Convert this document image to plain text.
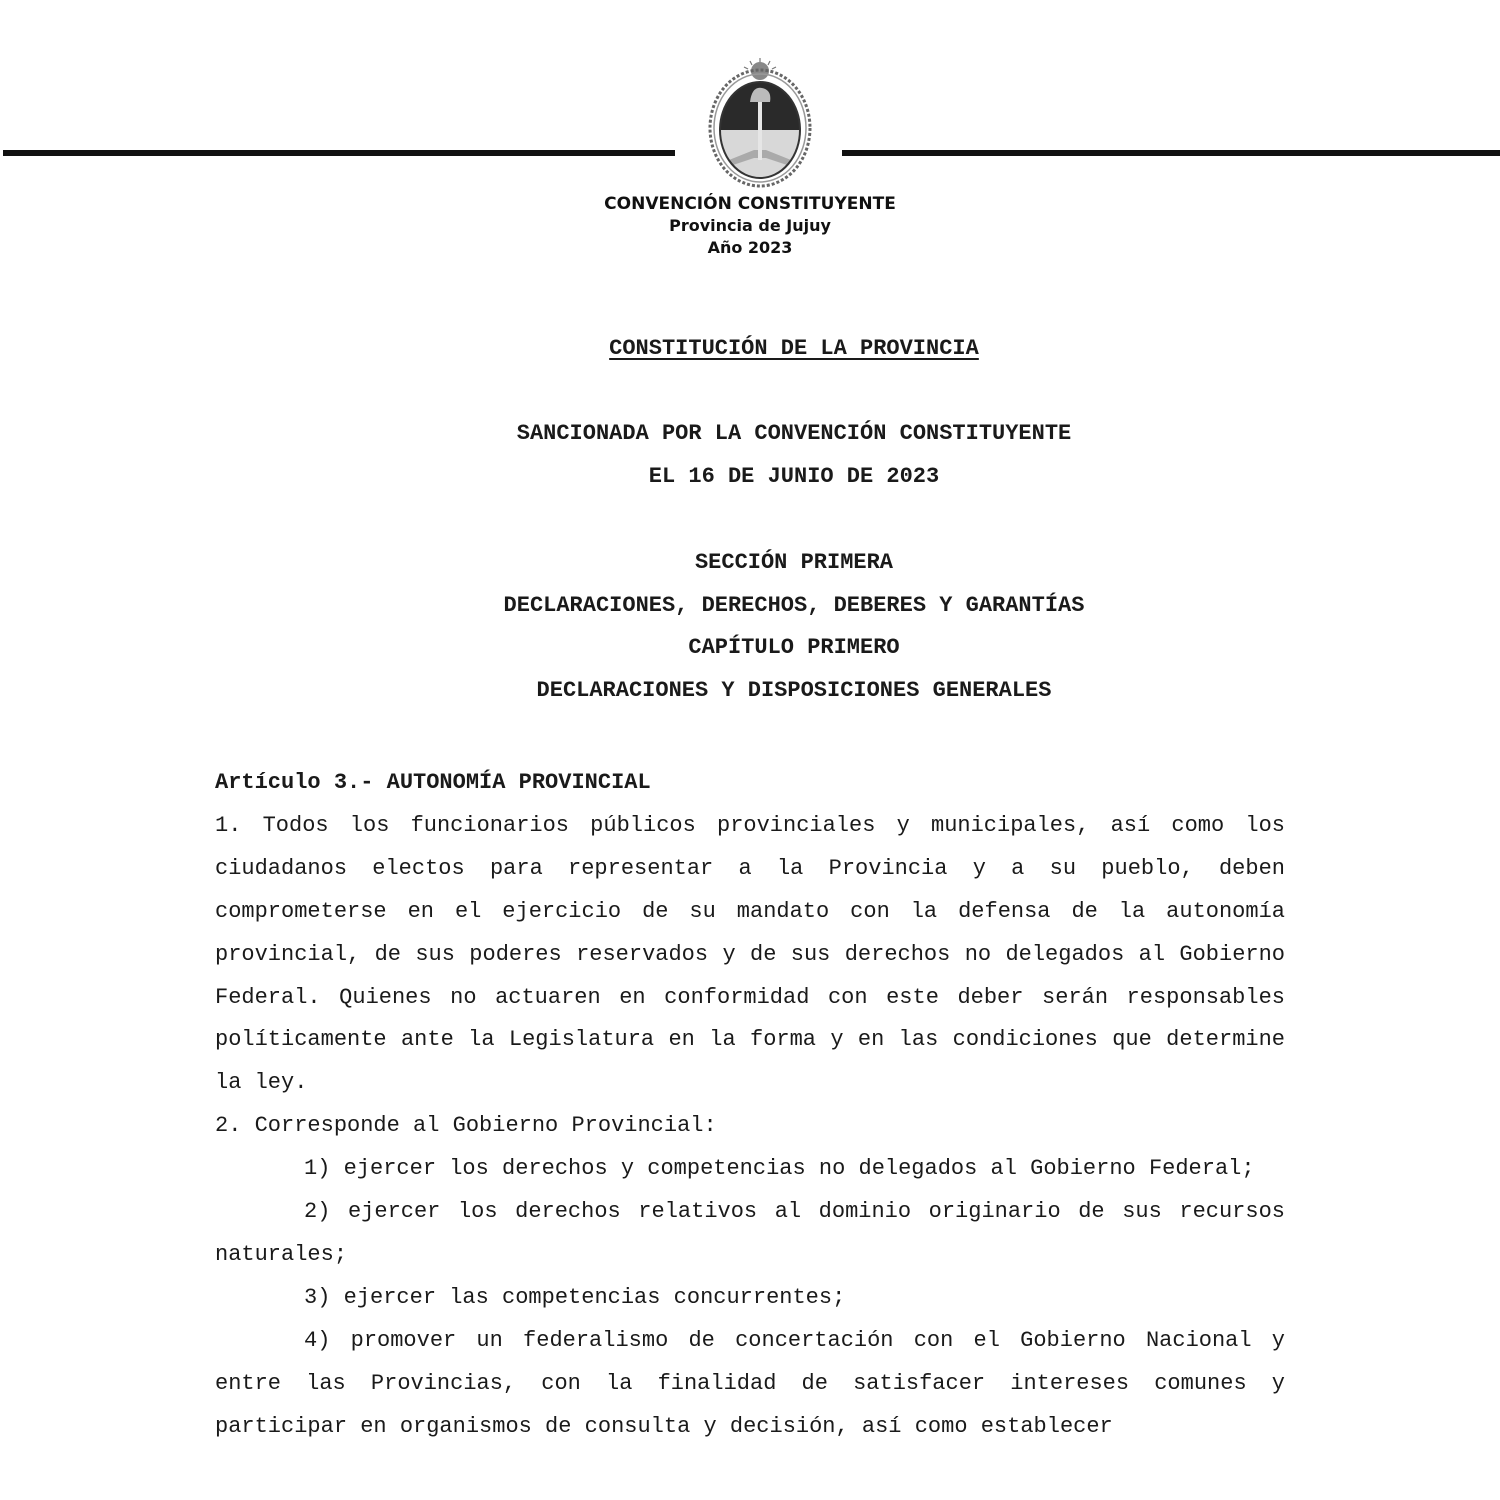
CONVENCIÓN CONSTITUYENTE
Provincia de Jujuy
Año 2023
CONSTITUCIÓN DE LA PROVINCIA
SANCIONADA POR LA CONVENCIÓN CONSTITUYENTE
EL 16 DE JUNIO DE 2023
SECCIÓN PRIMERA
DECLARACIONES, DERECHOS, DEBERES Y GARANTÍAS
CAPÍTULO PRIMERO
DECLARACIONES Y DISPOSICIONES GENERALES

Artículo 3.- AUTONOMÍA PROVINCIAL

1. Todos los funcionarios públicos provinciales y municipales, así como los ciudadanos electos para representar a la Provincia y a su pueblo, deben comprometerse en el ejercicio de su mandato con la defensa de la autonomía provincial, de sus poderes reservados y de sus derechos no delegados al Gobierno Federal. Quienes no actuaren en conformidad con este deber serán responsables políticamente ante la Legislatura en la forma y en las condiciones que determine la ley.

2. Corresponde al Gobierno Provincial:

1) ejercer los derechos y competencias no delegados al Gobierno Federal;

2) ejercer los derechos relativos al dominio originario de sus recursos naturales;

3) ejercer las competencias concurrentes;

4) promover un federalismo de concertación con el Gobierno Nacional y entre las Provincias, con la finalidad de satisfacer intereses comunes y participar en organismos de consulta y decisión, así como establecer
